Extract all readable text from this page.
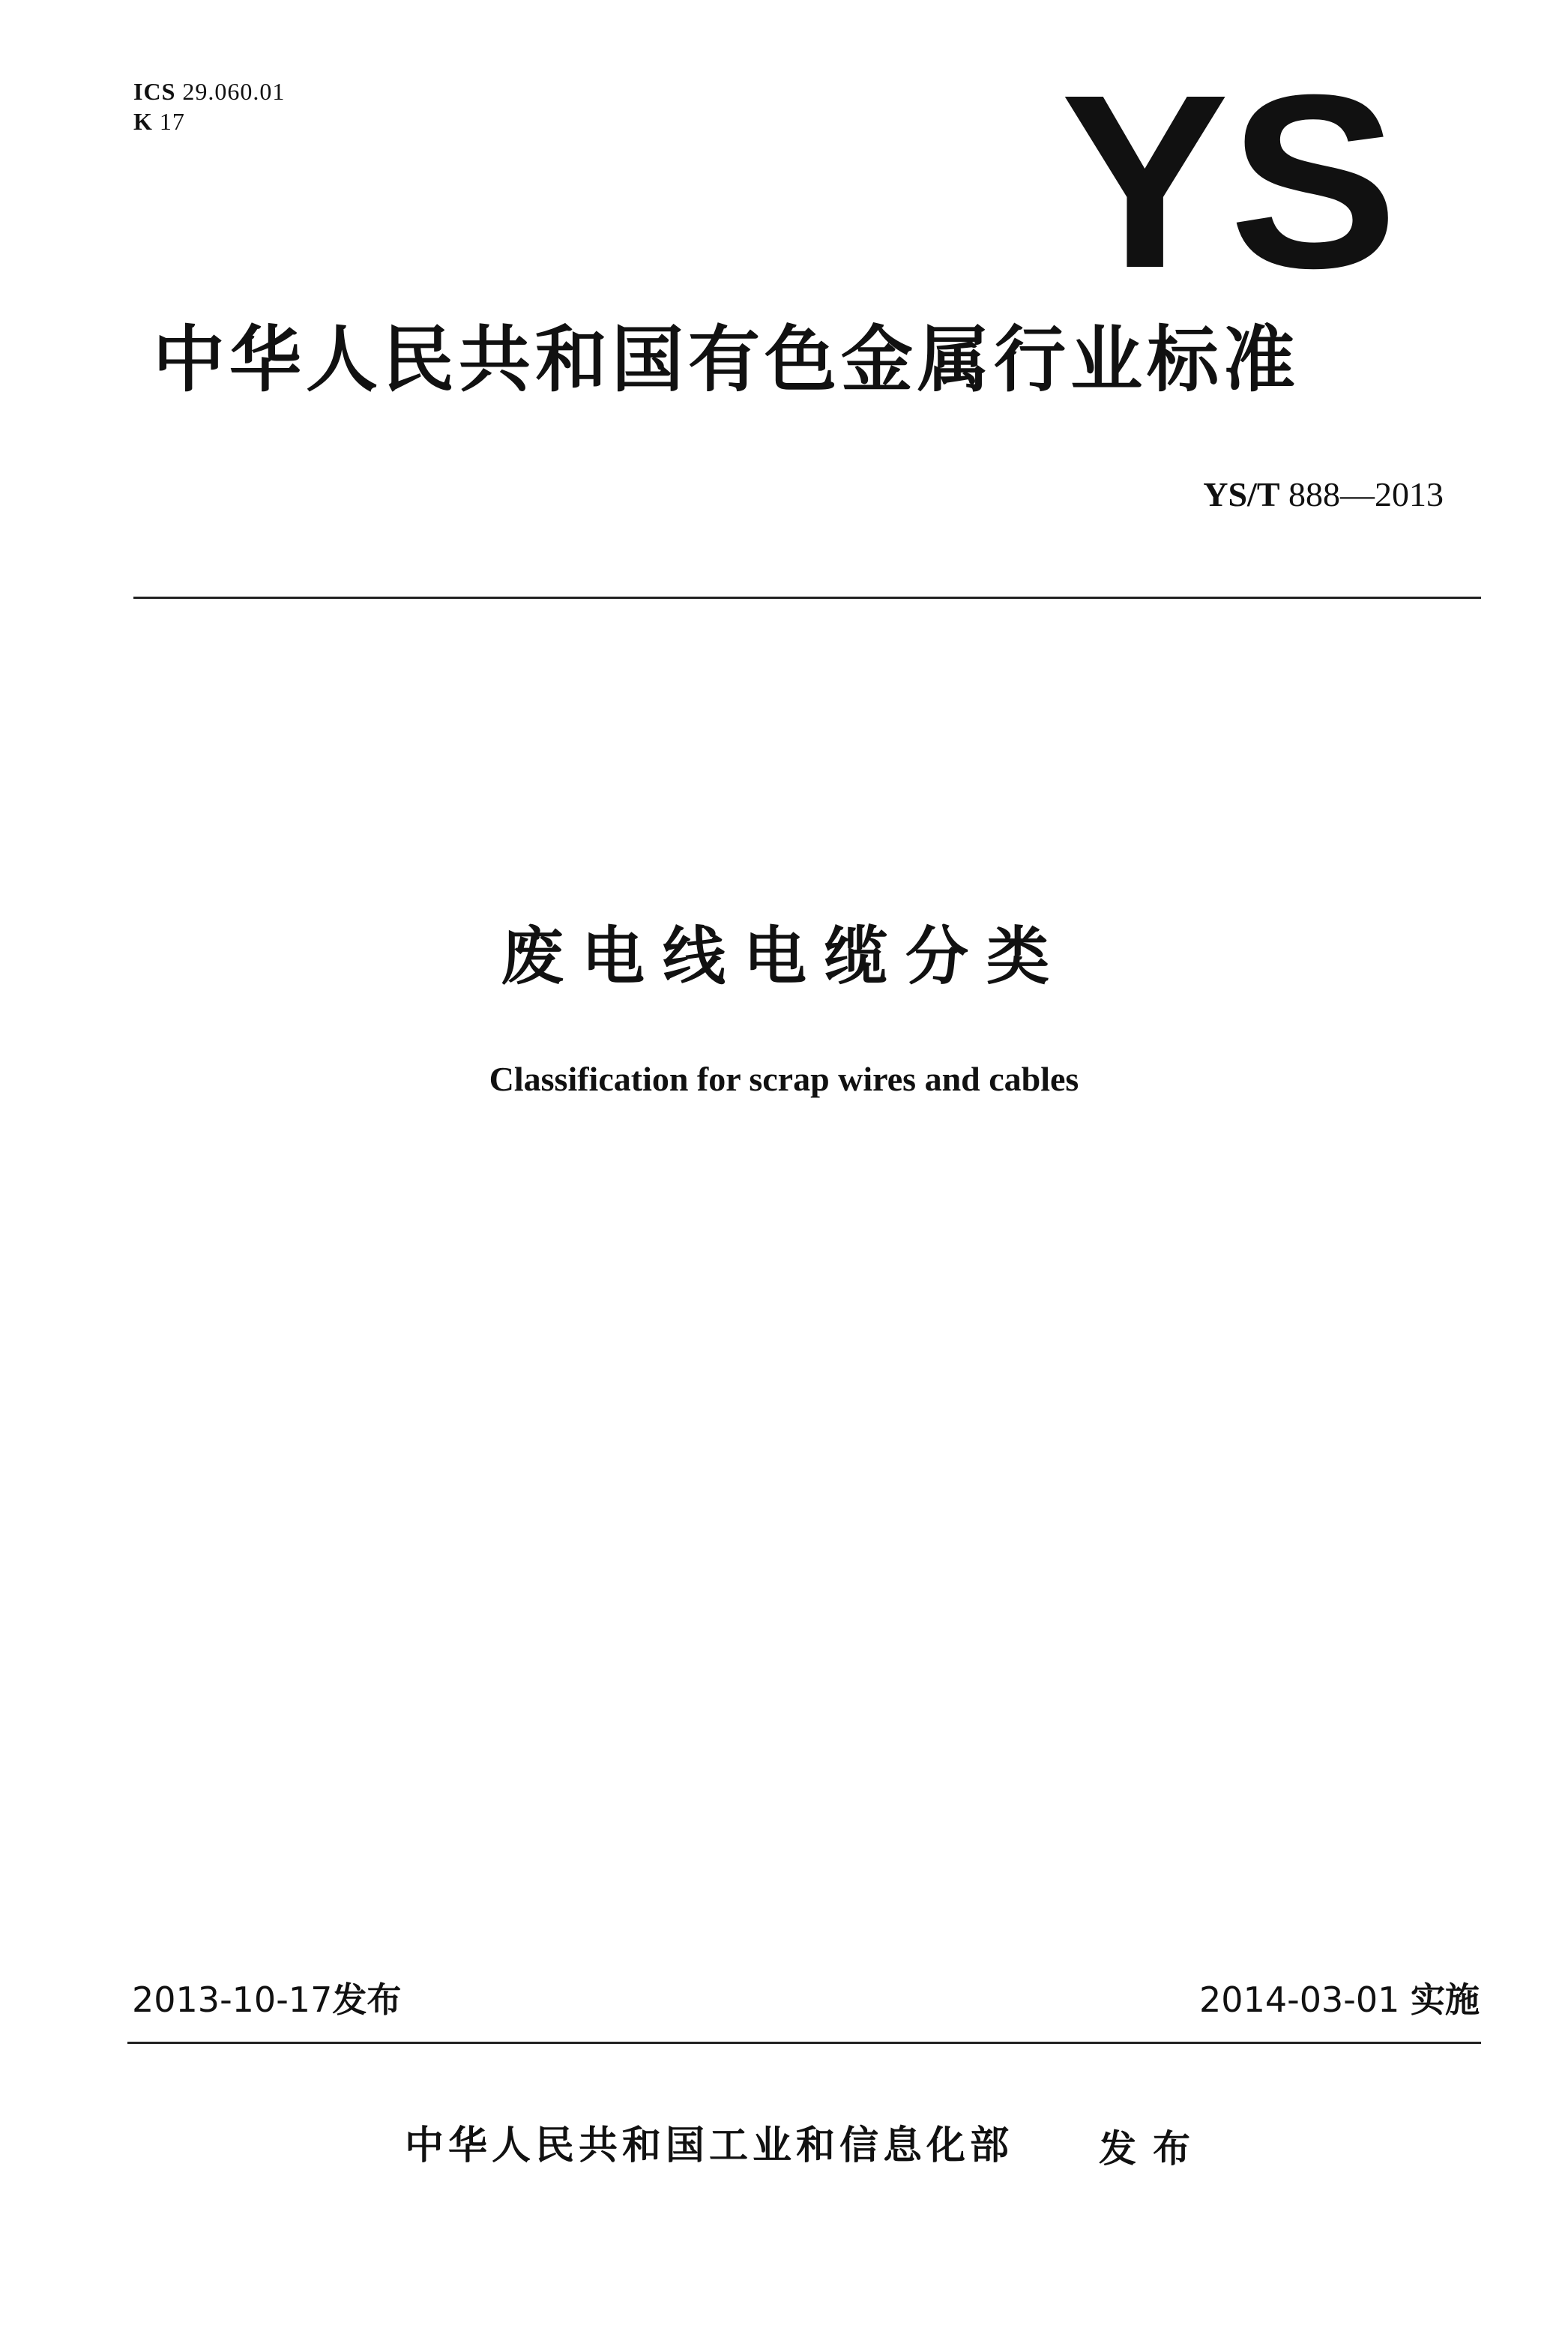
ICS 29.060.01
K 17	YS
中华人民共和国有色金属行业标准
YS/T 888—2013
废电线电缆分类
Classification for scrap wires and cables
2013-10-17发布	2014-03-01 实施
中华人民共和国工业和信息化部 发布
